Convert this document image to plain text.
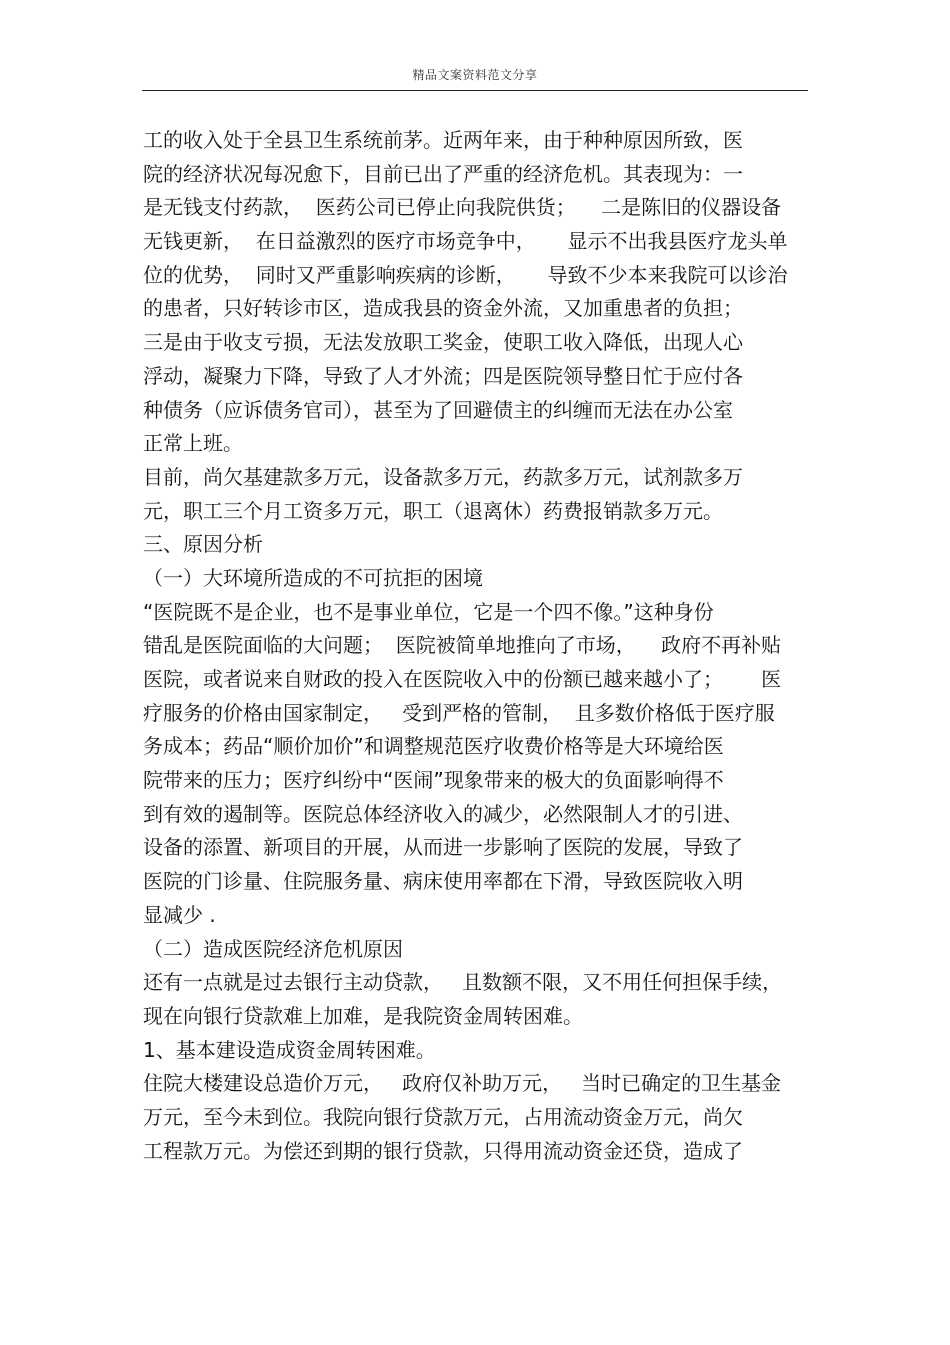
精品文案资料范文分享
工的收入处于全县卫生系统前茅。近两年来，由于种种原因所致，医
院的经济状况每况愈下，目前已出了严重的经济危机。其表现为：一
是无钱支付药款，  医药公司已停止向我院供货；    二是陈旧的仪器设备
无钱更新，  在日益激烈的医疗市场竞争中，     显示不出我县医疗龙头单
位的优势，  同时又严重影响疾病的诊断，     导致不少本来我院可以诊治
的患者，只好转诊市区，造成我县的资金外流，又加重患者的负担；
三是由于收支亏损，无法发放职工奖金，使职工收入降低，出现人心
浮动，凝聚力下降，导致了人才外流；四是医院领导整日忙于应付各
种债务（应诉债务官司），甚至为了回避债主的纠缠而无法在办公室
正常上班。
目前，尚欠基建款多万元，设备款多万元，药款多万元，试剂款多万
元，职工三个月工资多万元，职工（退离休）药费报销款多万元。
三、原因分析
（一）大环境所造成的不可抗拒的困境
“医院既不是企业，也不是事业单位，它是一个四不像。”这种身份
错乱是医院面临的大问题；  医院被简单地推向了市场，    政府不再补贴
医院，或者说来自财政的投入在医院收入中的份额已越来越小了；      医
疗服务的价格由国家制定，   受到严格的管制，  且多数价格低于医疗服
务成本；药品“顺价加价”和调整规范医疗收费价格等是大环境给医
院带来的压力；医疗纠纷中“医闹”现象带来的极大的负面影响得不
到有效的遏制等。医院总体经济收入的减少，必然限制人才的引进、
设备的添置、新项目的开展，从而进一步影响了医院的发展，导致了
医院的门诊量、住院服务量、病床使用率都在下滑，导致医院收入明
显减少 .
（二）造成医院经济危机原因
还有一点就是过去银行主动贷款，   且数额不限，又不用任何担保手续，
现在向银行贷款难上加难，是我院资金周转困难。
1、基本建设造成资金周转困难。
住院大楼建设总造价万元，   政府仅补助万元，   当时已确定的卫生基金
万元，至今未到位。我院向银行贷款万元，占用流动资金万元，尚欠
工程款万元。为偿还到期的银行贷款，只得用流动资金还贷，造成了
